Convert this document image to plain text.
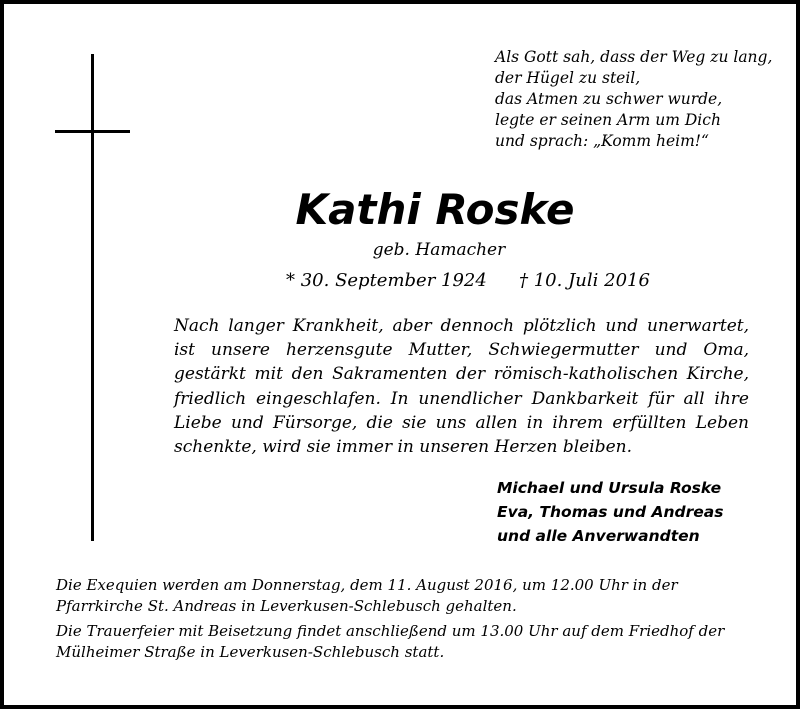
Als Gott sah, dass der Weg zu lang,
der Hügel zu steil,
das Atmen zu schwer wurde,
legte er seinen Arm um Dich
und sprach: „Komm heim!“
Kathi Roske
geb. Hamacher
* 30. September 1924 † 10. Juli 2016
Nach langer Krankheit, aber dennoch plötzlich und unerwartet, ist unsere herzensgute Mutter, Schwiegermutter und Oma, gestärkt mit den Sakramenten der römisch-katholischen Kirche, friedlich eingeschlafen. In unendlicher Dankbarkeit für all ihre Liebe und Fürsorge, die sie uns allen in ihrem erfüllten Leben schenkte, wird sie immer in unseren Herzen bleiben.
Michael und Ursula Roske
Eva, Thomas und Andreas
und alle Anverwandten
Die Exequien werden am Donnerstag, dem 11. August 2016, um 12.00 Uhr in der Pfarrkirche St. Andreas in Leverkusen-Schlebusch gehalten.
Die Trauerfeier mit Beisetzung findet anschließend um 13.00 Uhr auf dem Friedhof der Mülheimer Straße in Leverkusen-Schlebusch statt.
